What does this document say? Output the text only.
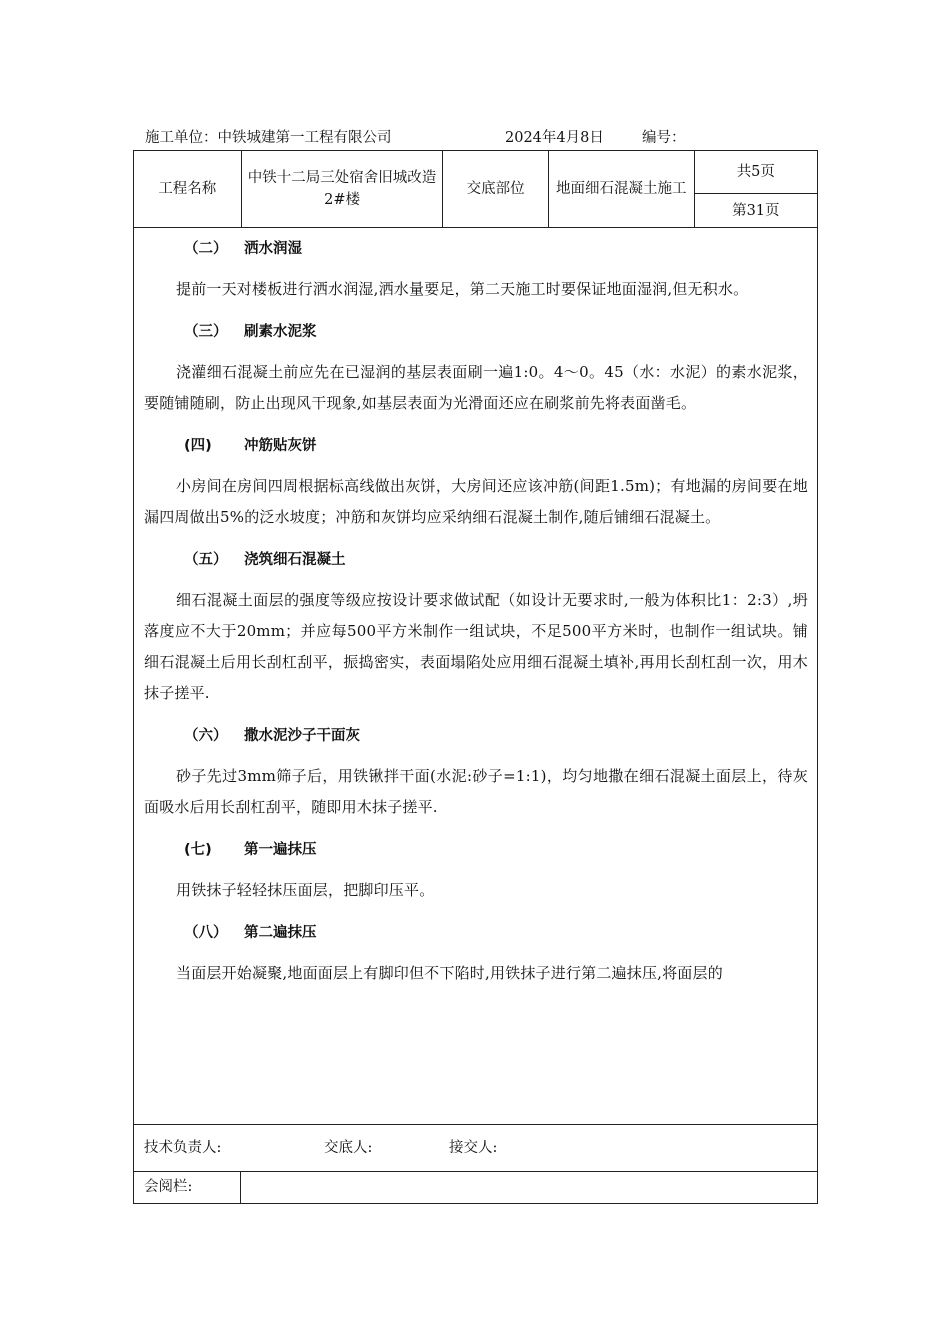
施工单位：中铁城建第一工程有限公司	2024年4月8日	编号：
工程名称	中铁十二局三处宿舍旧城改造2#楼	交底部位	地面细石混凝土施工	共5页
第31页
（二） 洒水润湿

提前一天对楼板进行洒水润湿,洒水量要足，第二天施工时要保证地面湿润,但无积水。

（三） 刷素水泥浆

浇灌细石混凝土前应先在已湿润的基层表面刷一遍1:0。4～0。45（水：水泥）的素水泥浆，要随铺随刷，防止出现风干现象,如基层表面为光滑面还应在刷浆前先将表面凿毛。

(四) 冲筋贴灰饼

小房间在房间四周根据标高线做出灰饼，大房间还应该冲筋(间距1.5m)；有地漏的房间要在地漏四周做出5%的泛水坡度；冲筋和灰饼均应采纳细石混凝土制作,随后铺细石混凝土。

（五） 浇筑细石混凝土

细石混凝土面层的强度等级应按设计要求做试配（如设计无要求时,一般为体积比1：2:3）,坍落度应不大于20mm；并应每500平方米制作一组试块，不足500平方米时，也制作一组试块。铺细石混凝土后用长刮杠刮平，振捣密实，表面塌陷处应用细石混凝土填补,再用长刮杠刮一次，用木抹子搓平.

（六） 撒水泥沙子干面灰

砂子先过3mm筛子后，用铁锹拌干面(水泥:砂子=1:1)，均匀地撒在细石混凝土面层上，待灰面吸水后用长刮杠刮平，随即用木抹子搓平.

(七) 第一遍抹压

用铁抹子轻轻抹压面层，把脚印压平。

（八） 第二遍抹压

当面层开始凝聚,地面面层上有脚印但不下陷时,用铁抹子进行第二遍抹压,将面层的

技术负责人:	交底人:	接交人:
会阅栏:
